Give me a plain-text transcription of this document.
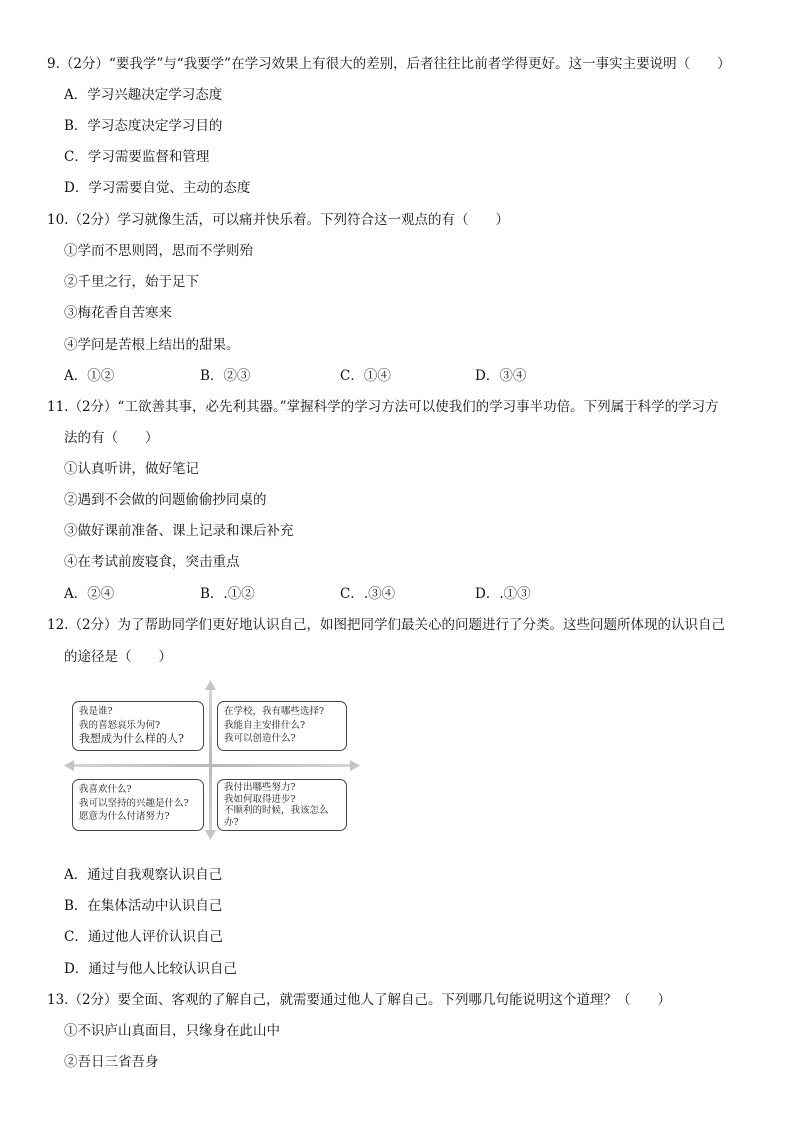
9.（2分）“要我学”与“我要学”在学习效果上有很大的差别，后者往往比前者学得更好。这一事实主要说明（　　）
A．学习兴趣决定学习态度
B．学习态度决定学习目的
C．学习需要监督和管理
D．学习需要自觉、主动的态度
10.（2分）学习就像生活，可以痛并快乐着。下列符合这一观点的有（　　）
①学而不思则罔，思而不学则殆
②千里之行，始于足下
③梅花香自苦寒来
④学问是苦根上结出的甜果。
A．①②	B．②③	C．①④	D．③④
11.（2分）“工欲善其事，必先利其器。”掌握科学的学习方法可以使我们的学习事半功倍。下列属于科学的学习方
法的有（　　）
①认真听讲，做好笔记
②遇到不会做的问题偷偷抄同桌的
③做好课前准备、课上记录和课后补充
④在考试前废寝食，突击重点
A．②④	B．.①②	C．.③④	D．.①③
12.（2分）为了帮助同学们更好地认识自己，如图把同学们最关心的问题进行了分类。这些问题所体现的认识自己
的途径是（　　）
我是谁?
我的喜怒哀乐为何?
我想成为什么样的人?
在学校，我有哪些选择?
我能自主安排什么?
我可以创造什么?
我喜欢什么?
我可以坚持的兴趣是什么?
愿意为什么付诸努力?
我付出哪些努力?
我如何取得进步?
不顺利的时候，我该怎么
办?
A．通过自我观察认识自己
B．在集体活动中认识自己
C．通过他人评价认识自己
D．通过与他人比较认识自己
13.（2分）要全面、客观的了解自己，就需要通过他人了解自己。下列哪几句能说明这个道理？（　　）
①不识庐山真面目，只缘身在此山中
②吾日三省吾身
